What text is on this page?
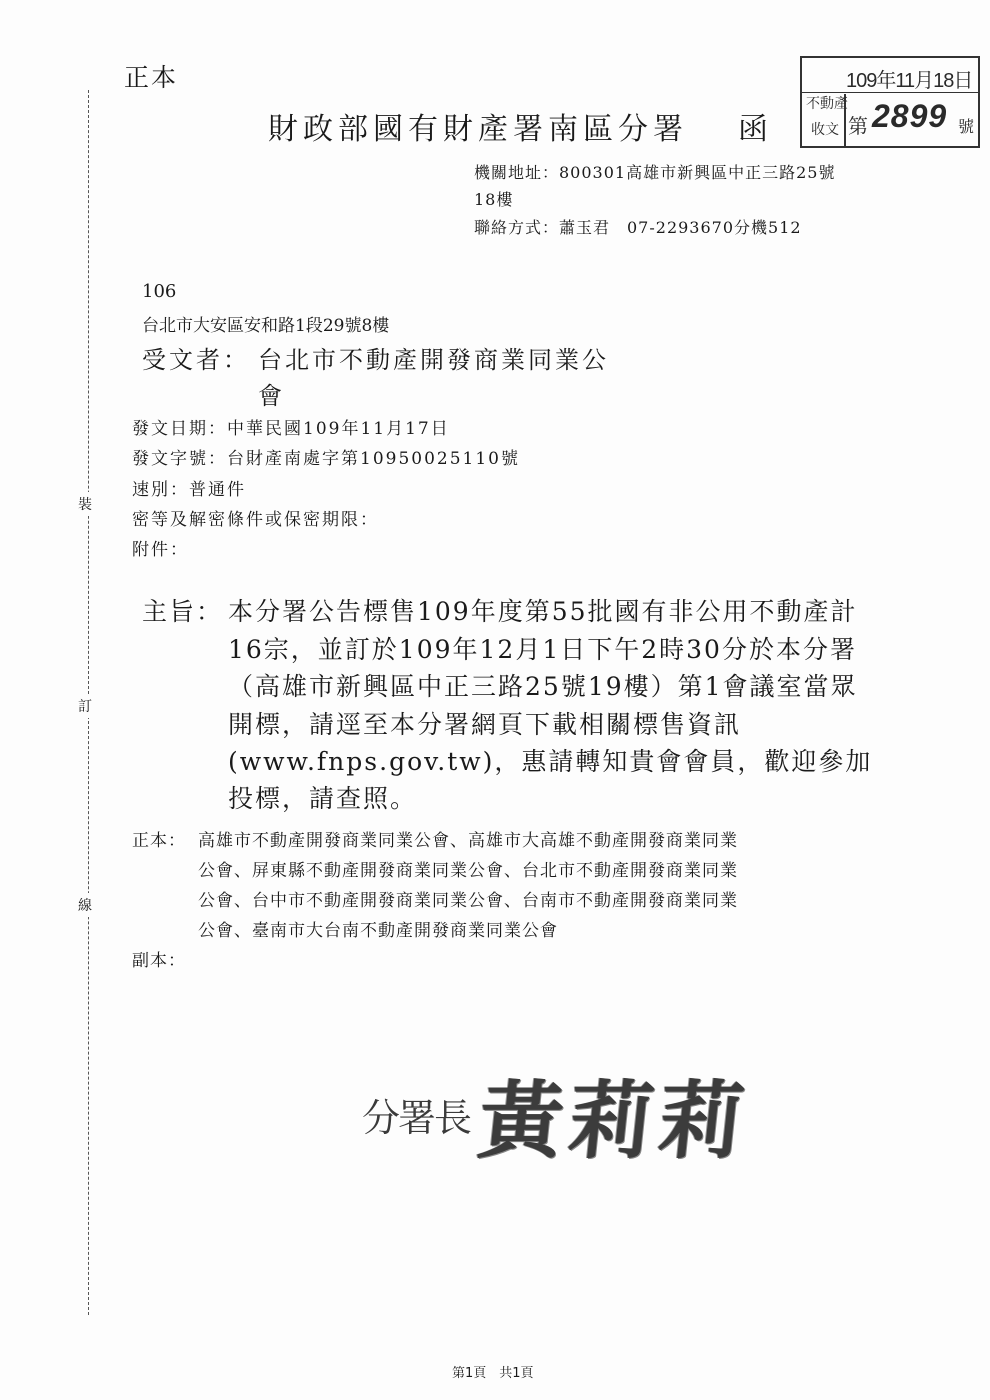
裝
訂
線
正本
財政部國有財產署南區分署 函
109年11月18日
不動產
收文 第 2899 號
機關地址：800301高雄市新興區中正三路25號
18樓
聯絡方式：蕭玉君　07-2293670分機512
106
台北市大安區安和路1段29號8樓
受文者： 台北市不動產開發商業同業公
會
發文日期：中華民國109年11月17日
發文字號：台財產南處字第10950025110號
速別：普通件
密等及解密條件或保密期限：
附件：
主旨： 本分署公告標售109年度第55批國有非公用不動產計
16宗，並訂於109年12月1日下午2時30分於本分署
（高雄市新興區中正三路25號19樓）第1會議室當眾
開標，請逕至本分署網頁下載相關標售資訊
(www.fnps.gov.tw)，惠請轉知貴會會員，歡迎參加
投標，請查照。
正本： 高雄市不動產開發商業同業公會、高雄市大高雄不動產開發商業同業
公會、屏東縣不動產開發商業同業公會、台北市不動產開發商業同業
公會、台中市不動產開發商業同業公會、台南市不動產開發商業同業
公會、臺南市大台南不動產開發商業同業公會
副本：
分署長 黃莉莉
第1頁　共1頁
